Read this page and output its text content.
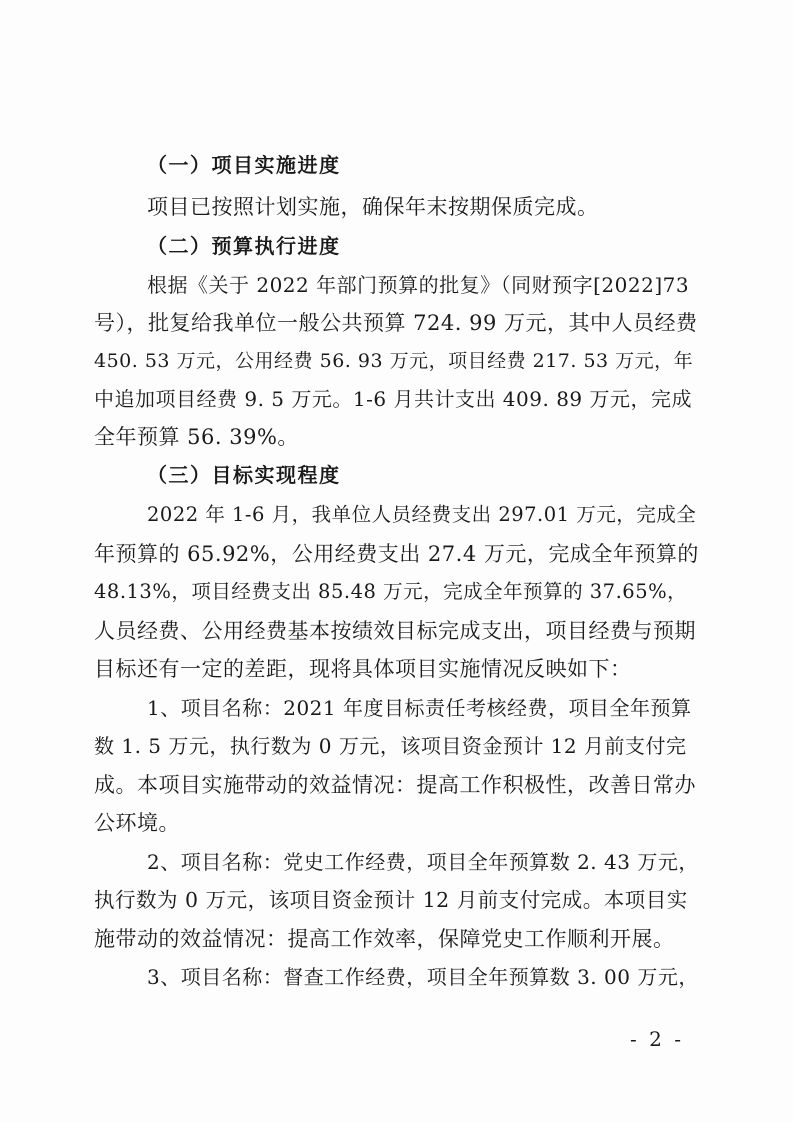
（一）项目实施进度
项目已按照计划实施，确保年末按期保质完成。
（二）预算执行进度
根据《关于 2022 年部门预算的批复》（同财预字[2022]73
号），批复给我单位一般公共预算 724. 99 万元，其中人员经费
450. 53 万元，公用经费 56. 93 万元，项目经费 217. 53 万元，年
中追加项目经费 9. 5 万元。1-6 月共计支出 409. 89 万元，完成
全年预算 56. 39%。
（三）目标实现程度
2022 年 1-6 月，我单位人员经费支出 297.01 万元，完成全
年预算的 65.92%，公用经费支出 27.4 万元，完成全年预算的
48.13%，项目经费支出 85.48 万元，完成全年预算的 37.65%，
人员经费、公用经费基本按绩效目标完成支出，项目经费与预期
目标还有一定的差距，现将具体项目实施情况反映如下：
1、项目名称：2021 年度目标责任考核经费，项目全年预算
数 1. 5 万元，执行数为 0 万元，该项目资金预计 12 月前支付完
成。本项目实施带动的效益情况：提高工作积极性，改善日常办
公环境。
2、项目名称：党史工作经费，项目全年预算数 2. 43 万元，
执行数为 0 万元，该项目资金预计 12 月前支付完成。本项目实
施带动的效益情况：提高工作效率，保障党史工作顺利开展。
3、项目名称：督查工作经费，项目全年预算数 3. 00 万元，
- 2 -
